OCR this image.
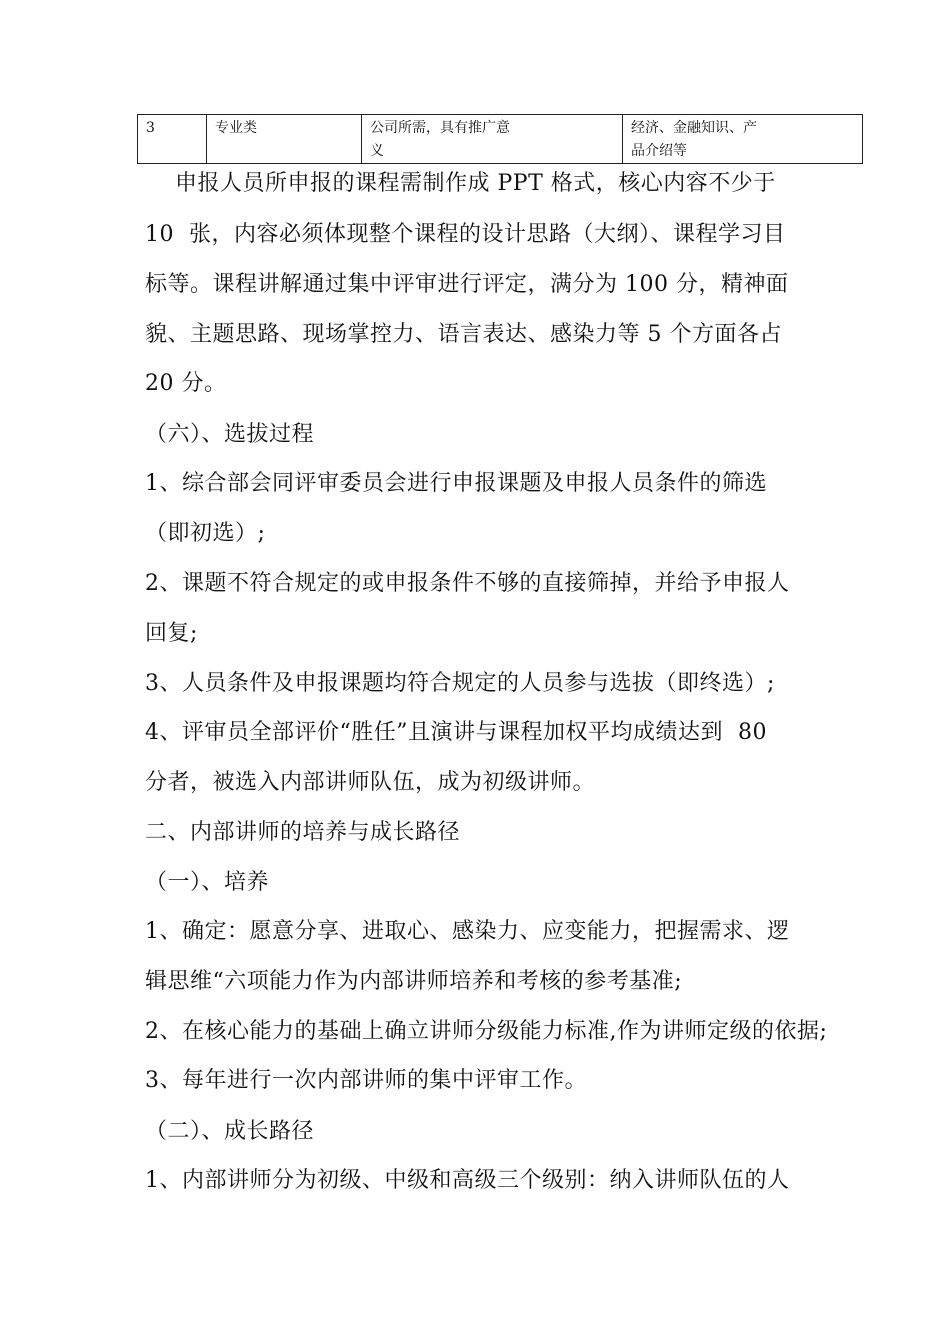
3	专业类	公司所需，具有推广意
义	经济、金融知识、产
品介绍等
申报人员所申报的课程需制作成 PPT 格式，核心内容不少于
10  张，内容必须体现整个课程的设计思路（大纲）、课程学习目
标等。课程讲解通过集中评审进行评定，满分为 100 分，精神面
貌、主题思路、现场掌控力、语言表达、感染力等 5 个方面各占
20 分。
（六）、选拔过程
1、综合部会同评审委员会进行申报课题及申报人员条件的筛选
（即初选）;
2、课题不符合规定的或申报条件不够的直接筛掉，并给予申报人
回复;
3、人员条件及申报课题均符合规定的人员参与选拔（即终选）;
4、评审员全部评价“胜任”且演讲与课程加权平均成绩达到  80
分者，被选入内部讲师队伍，成为初级讲师。
二、内部讲师的培养与成长路径
（一）、培养
1、确定：愿意分享、进取心、感染力、应变能力，把握需求、逻
辑思维“六项能力作为内部讲师培养和考核的参考基准;
2、在核心能力的基础上确立讲师分级能力标准,作为讲师定级的依据;
3、每年进行一次内部讲师的集中评审工作。
（二）、成长路径
1、内部讲师分为初级、中级和高级三个级别：纳入讲师队伍的人
